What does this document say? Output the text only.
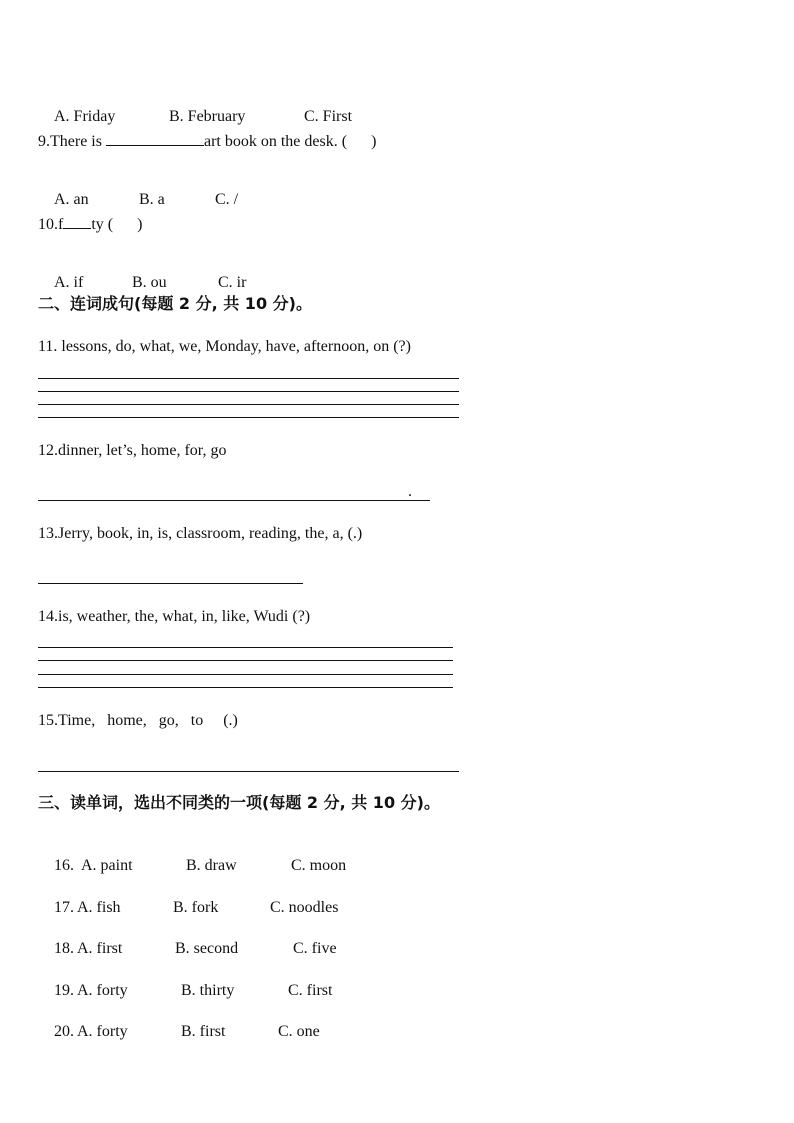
A. Friday	B. February	C. First

9.There is	art book on the desk. (      )

A. an	B. a	C. /

10.f ty (      )

A. if	B. ou	C. ir

二、连词成句(每题 2 分, 共 10 分)。
11. lessons, do, what, we, Monday, have, afternoon, on (?)
12.dinner, let’s, home, for, go
.
13.Jerry, book, in, is, classroom, reading, the, a, (.)
14.is, weather, the, what, in, like, Wudi (?)
15.Time,   home,   go,   to     (.)
三、读单词，选出不同类的一项(每题 2 分, 共 10 分)。

16. A. paint	B. draw	C. moon

17. A. fish	B. fork	C. noodles

18. A. first	B. second	C. five

19. A. forty	B. thirty	C. first

20. A. forty	B. first	C. one
